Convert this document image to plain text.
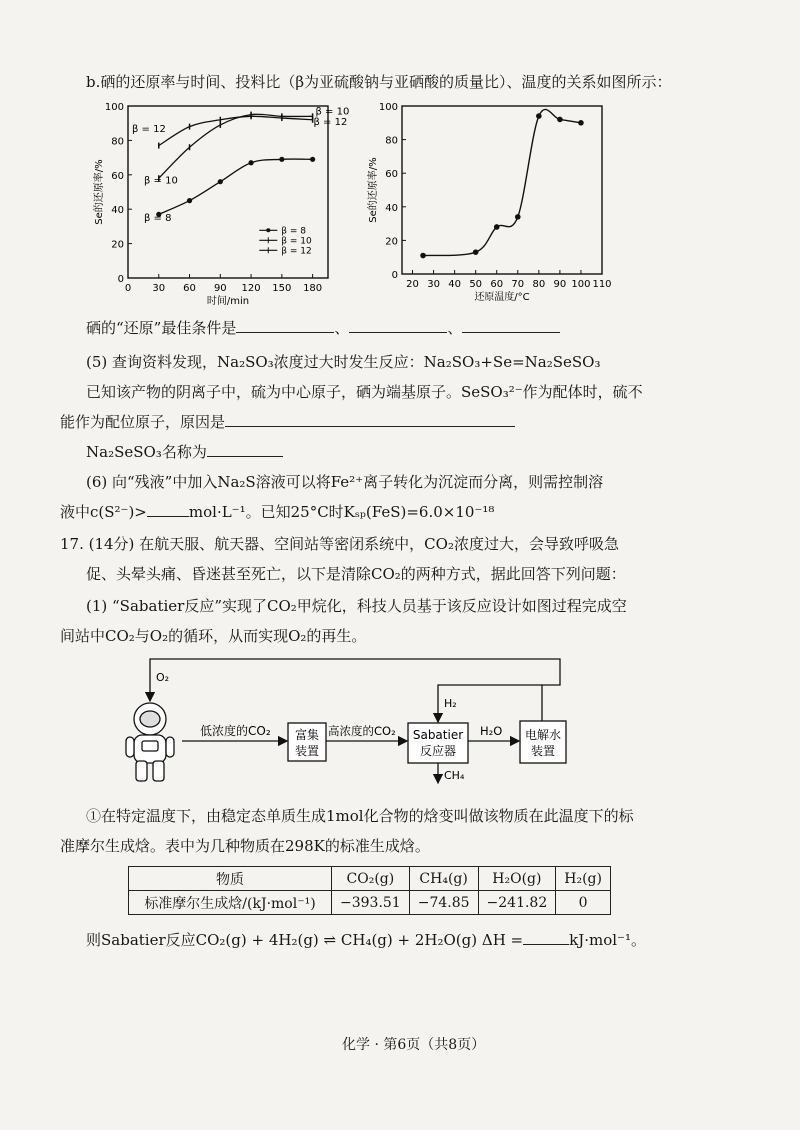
b.硒的还原率与时间、投料比（β为亚硫酸钠与亚硒酸的质量比）、温度的关系如图所示：
0 30 60 90 120 150 180
0
20
40
60
80
100
时间/min
Se的还原率/%
β = 12
β = 10
β = 8
β = 10
β = 12
β = 8
β = 10
β = 12
20 30 40 50 60 70 80 90 100 110
0
20
40
60
80
100
还原温度/°C
Se的还原率/%
硒的“还原”最佳条件是	、	、
(5) 查询资料发现，Na₂SO₃浓度过大时发生反应：Na₂SO₃+Se=Na₂SeSO₃
已知该产物的阴离子中，硫为中心原子，硒为端基原子。SeSO₃²⁻作为配体时，硫不
能作为配位原子，原因是
Na₂SeSO₃名称为
(6) 向“残液”中加入Na₂S溶液可以将Fe²⁺离子转化为沉淀而分离，则需控制溶
液中c(S²⁻)>	mol·L⁻¹。已知25°C时Kₛₚ(FeS)=6.0×10⁻¹⁸
17. (14分) 在航天服、航天器、空间站等密闭系统中，CO₂浓度过大，会导致呼吸急
促、头晕头痛、昏迷甚至死亡，以下是清除CO₂的两种方式，据此回答下列问题：
(1) “Sabatier反应”实现了CO₂甲烷化，科技人员基于该反应设计如图过程完成空
间站中CO₂与O₂的循环，从而实现O₂的再生。
O₂
低浓度的CO₂ 富集
装置
高浓度的CO₂ Sabatier
反应器
H₂
H₂O 电解水
装置
CH₄
①在特定温度下，由稳定态单质生成1mol化合物的焓变叫做该物质在此温度下的标
准摩尔生成焓。表中为几种物质在298K的标准生成焓。
物质	CO₂(g)	CH₄(g)	H₂O(g)	H₂(g)
标准摩尔生成焓/(kJ·mol⁻¹)	−393.51	−74.85	−241.82	0
则Sabatier反应CO₂(g) + 4H₂(g) ⇌ CH₄(g) + 2H₂O(g) ΔH =	kJ·mol⁻¹。
化学 · 第6页（共8页）
